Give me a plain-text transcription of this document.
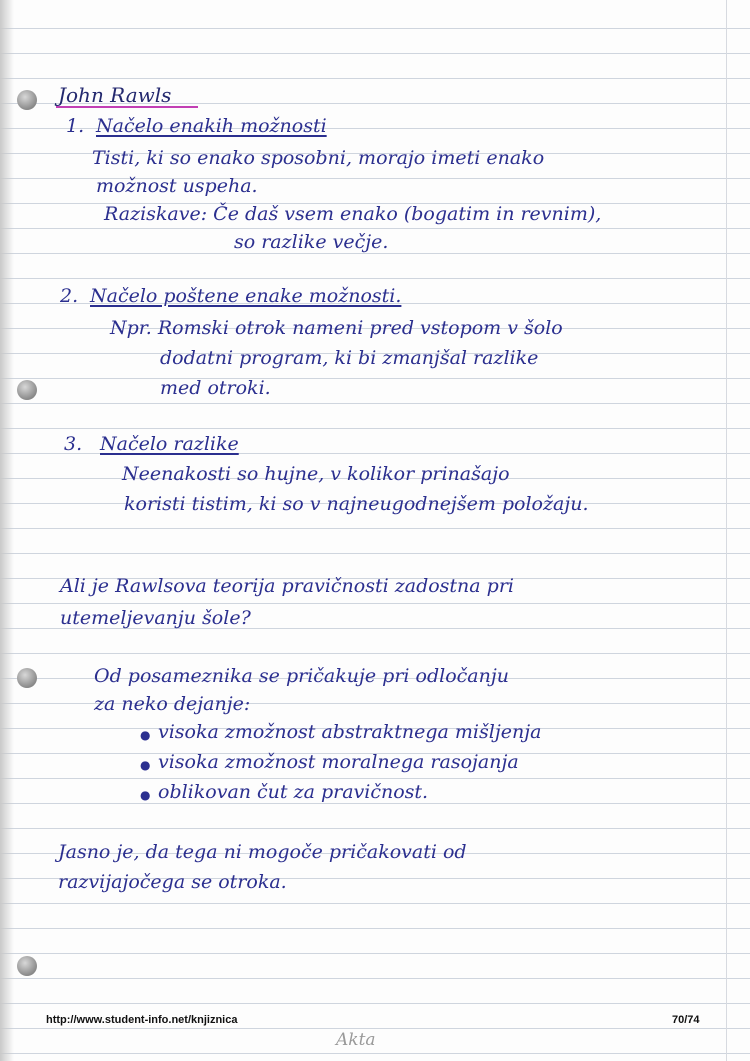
John Rawls

1. Načelo enakih možnosti

Tisti, ki so enako sposobni, morajo imeti enako

možnost uspeha.

Raziskave: Če daš vsem enako (bogatim in revnim),

so razlike večje.

2. Načelo poštene enake možnosti.

Npr. Romski otrok nameni pred vstopom v šolo

dodatni program, ki bi zmanjšal razlike

med otroki.

3. Načelo razlike

Neenakosti so hujne, v kolikor prinašajo

koristi tistim, ki so v najneugodnejšem položaju.

Ali je Rawlsova teorija pravičnosti zadostna pri

utemeljevanju šole?

Od posameznika se pričakuje pri odločanju

za neko dejanje:

● visoka zmožnost abstraktnega mišljenja

● visoka zmožnost moralnega rasojanja

● oblikovan čut za pravičnost.

Jasno je, da tega ni mogoče pričakovati od

razvijajočega se otroka.

http://www.student-info.net/knjiznica	70/74
Akta
